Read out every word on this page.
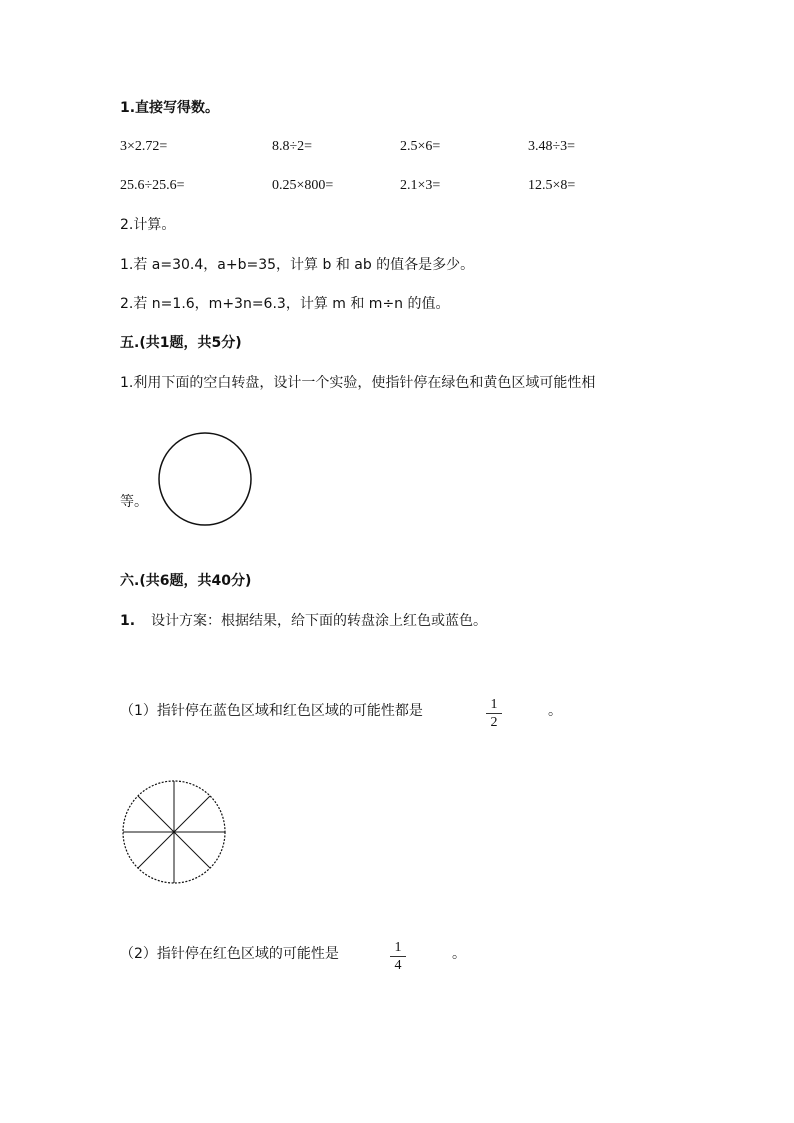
1.直接写得数。
3×2.72=	8.8÷2=	2.5×6=	3.48÷3=
25.6÷25.6=	0.25×800=	2.1×3=	12.5×8=
2.计算。
1.若 a=30.4，a+b=35，计算 b 和 ab 的值各是多少。
2.若 n=1.6，m+3n=6.3，计算 m 和 m÷n 的值。
五.(共1题，共5分)
1.利用下面的空白转盘，设计一个实验，使指针停在绿色和黄色区域可能性相
等。
六.(共6题，共40分)
1. 设计方案：根据结果，给下面的转盘涂上红色或蓝色。
（1）指针停在蓝色区域和红色区域的可能性都是	1
2
。
（2）指针停在红色区域的可能性是	1
4
。
